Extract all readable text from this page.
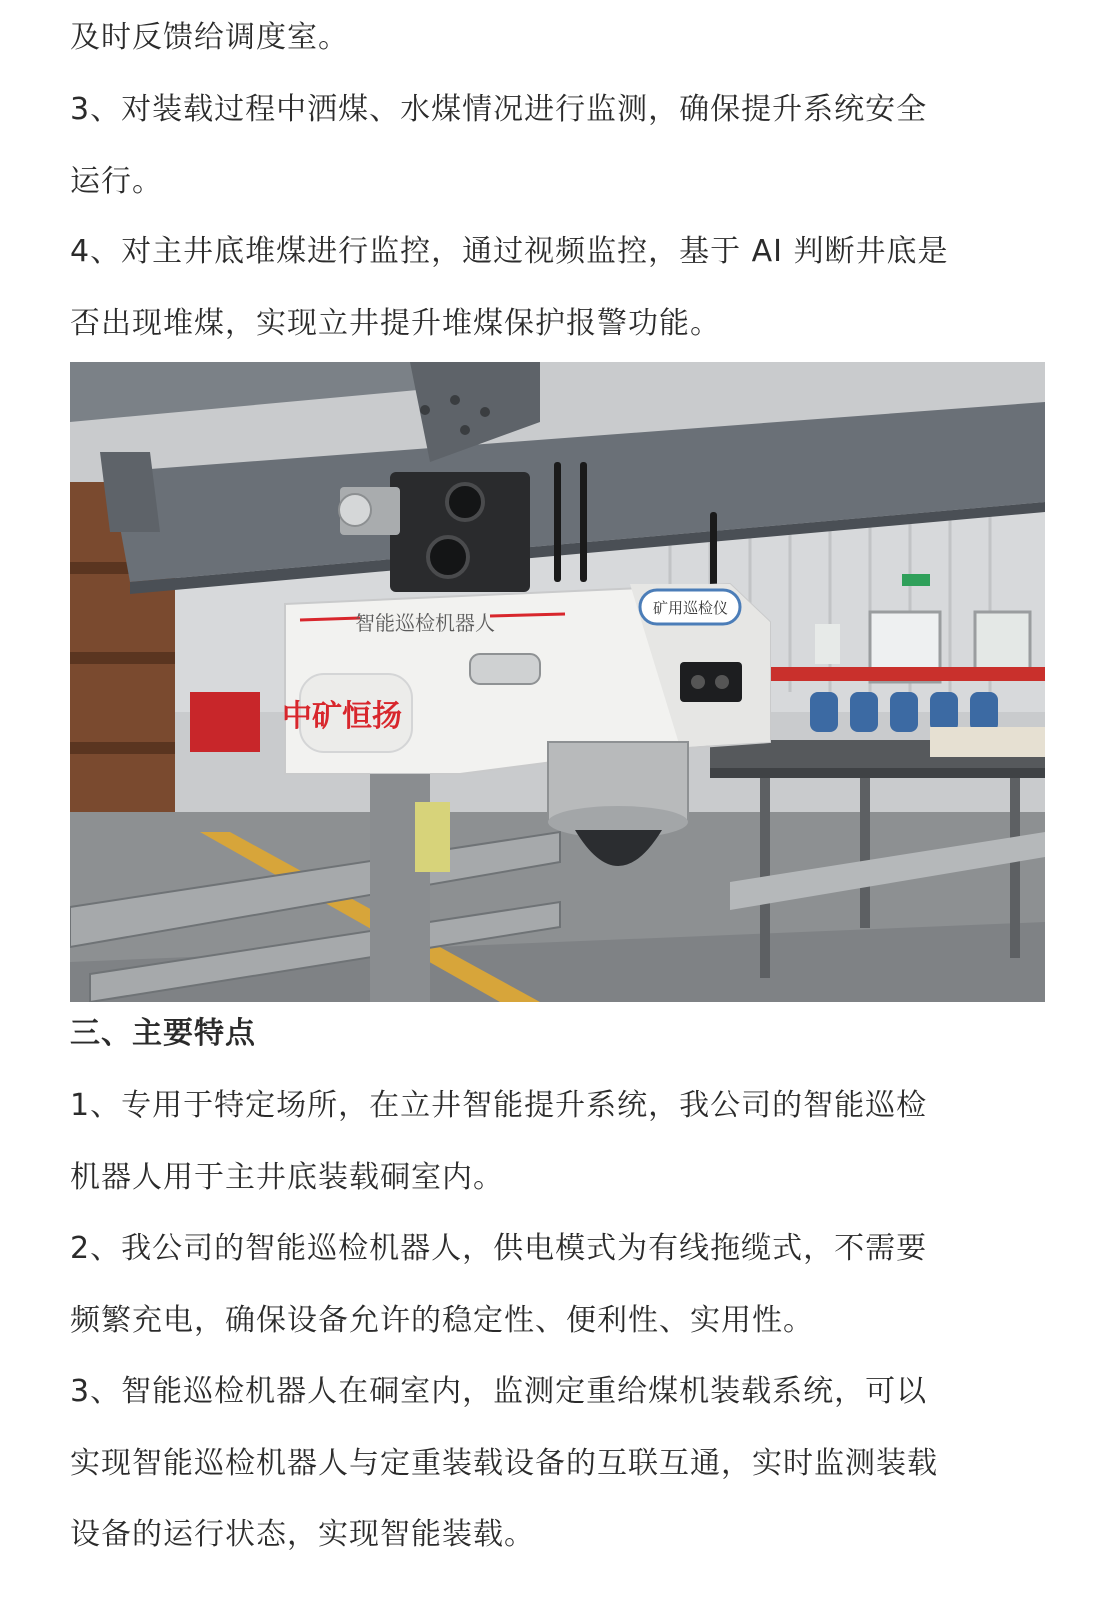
及时反馈给调度室。

3、对装载过程中洒煤、水煤情况进行监测，确保提升系统安全

运行。

4、对主井底堆煤进行监控，通过视频监控，基于 AI 判断井底是

否出现堆煤，实现立井提升堆煤保护报警功能。

智能巡检机器人
矿用巡检仪
中矿恒扬

三、主要特点

1、专用于特定场所，在立井智能提升系统，我公司的智能巡检

机器人用于主井底装载硐室内。

2、我公司的智能巡检机器人，供电模式为有线拖缆式，不需要

频繁充电，确保设备允许的稳定性、便利性、实用性。

3、智能巡检机器人在硐室内，监测定重给煤机装载系统，可以

实现智能巡检机器人与定重装载设备的互联互通，实时监测装载

设备的运行状态，实现智能装载。
